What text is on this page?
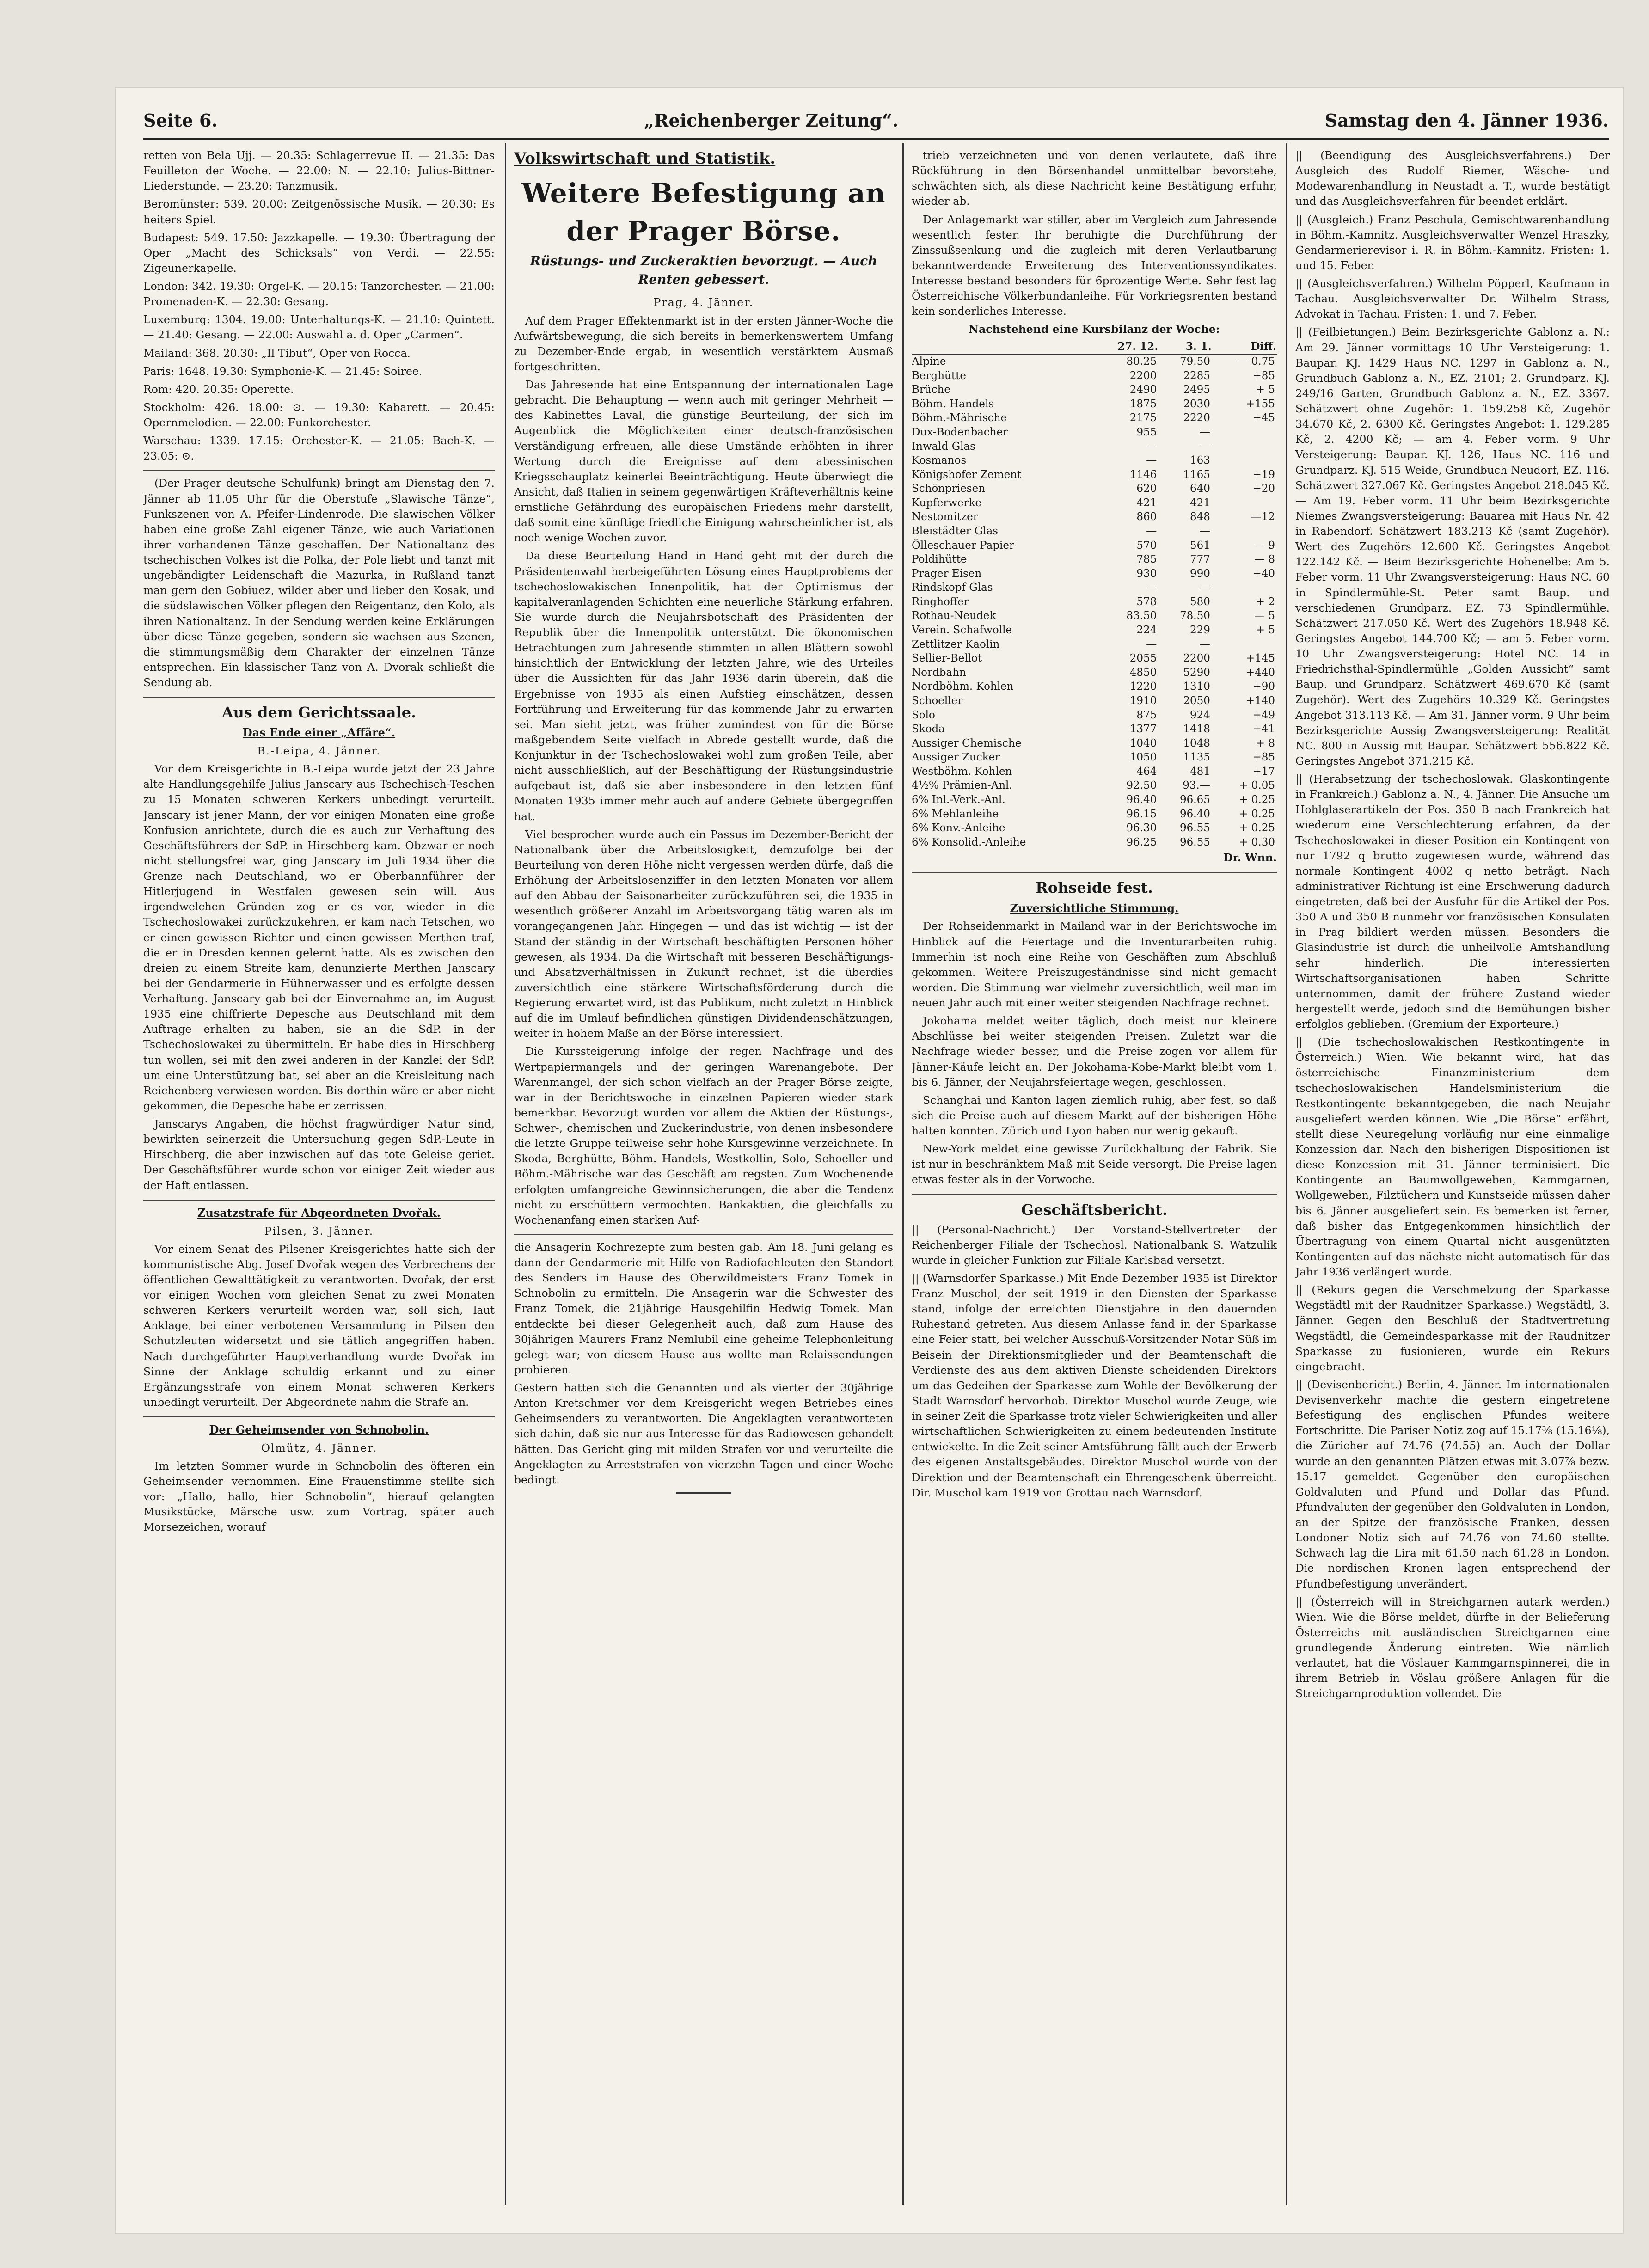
Seite 6.	„Reichenberger Zeitung“.	Samstag den 4. Jänner 1936.

retten von Bela Ujj. — 20.35: Schlagerrevue II. — 21.35: Das Feuilleton der Woche. — 22.00: N. — 22.10: Julius-Bittner-Liederstunde. — 23.20: Tanzmusik.

Beromünster: 539. 20.00: Zeitgenössische Musik. — 20.30: Es heiters Spiel.

Budapest: 549. 17.50: Jazzkapelle. — 19.30: Übertragung der Oper „Macht des Schicksals“ von Verdi. — 22.55: Zigeunerkapelle.

London: 342. 19.30: Orgel-K. — 20.15: Tanzorchester. — 21.00: Promenaden-K. — 22.30: Gesang.

Luxemburg: 1304. 19.00: Unterhaltungs-K. — 21.10: Quintett. — 21.40: Gesang. — 22.00: Auswahl a. d. Oper „Carmen“.

Mailand: 368. 20.30: „Il Tibut“, Oper von Rocca.

Paris: 1648. 19.30: Symphonie-K. — 21.45: Soiree.

Rom: 420. 20.35: Operette.

Stockholm: 426. 18.00: ⊙. — 19.30: Kabarett. — 20.45: Opernmelodien. — 22.00: Funkorchester.

Warschau: 1339. 17.15: Orchester-K. — 21.05: Bach-K. — 23.05: ⊙.

(Der Prager deutsche Schulfunk) bringt am Dienstag den 7. Jänner ab 11.05 Uhr für die Oberstufe „Slawische Tänze“, Funkszenen von A. Pfeifer-Lindenrode. Die slawischen Völker haben eine große Zahl eigener Tänze, wie auch Variationen ihrer vorhandenen Tänze geschaffen. Der Nationaltanz des tschechischen Volkes ist die Polka, der Pole liebt und tanzt mit ungebändigter Leidenschaft die Mazurka, in Rußland tanzt man gern den Gobiuez, wilder aber und lieber den Kosak, und die südslawischen Völker pflegen den Reigentanz, den Kolo, als ihren Nationaltanz. In der Sendung werden keine Erklärungen über diese Tänze gegeben, sondern sie wachsen aus Szenen, die stimmungsmäßig dem Charakter der einzelnen Tänze entsprechen. Ein klassischer Tanz von A. Dvorak schließt die Sendung ab.

Aus dem Gerichtssaale.
Das Ende einer „Affäre“.
B.-Leipa, 4. Jänner.

Vor dem Kreisgerichte in B.-Leipa wurde jetzt der 23 Jahre alte Handlungsgehilfe Julius Janscary aus Tschechisch-Teschen zu 15 Monaten schweren Kerkers unbedingt verurteilt. Janscary ist jener Mann, der vor einigen Monaten eine große Konfusion anrichtete, durch die es auch zur Verhaftung des Geschäftsführers der SdP. in Hirschberg kam. Obzwar er noch nicht stellungsfrei war, ging Janscary im Juli 1934 über die Grenze nach Deutschland, wo er Oberbannführer der Hitlerjugend in Westfalen gewesen sein will. Aus irgendwelchen Gründen zog er es vor, wieder in die Tschechoslowakei zurückzukehren, er kam nach Tetschen, wo er einen gewissen Richter und einen gewissen Merthen traf, die er in Dresden kennen gelernt hatte. Als es zwischen den dreien zu einem Streite kam, denunzierte Merthen Janscary bei der Gendarmerie in Hühnerwasser und es erfolgte dessen Verhaftung. Janscary gab bei der Einvernahme an, im August 1935 eine chiffrierte Depesche aus Deutschland mit dem Auftrage erhalten zu haben, sie an die SdP. in der Tschechoslowakei zu übermitteln. Er habe dies in Hirschberg tun wollen, sei mit den zwei anderen in der Kanzlei der SdP. um eine Unterstützung bat, sei aber an die Kreisleitung nach Reichenberg verwiesen worden. Bis dorthin wäre er aber nicht gekommen, die Depesche habe er zerrissen.

Janscarys Angaben, die höchst fragwürdiger Natur sind, bewirkten seinerzeit die Untersuchung gegen SdP.-Leute in Hirschberg, die aber inzwischen auf das tote Geleise geriet. Der Geschäftsführer wurde schon vor einiger Zeit wieder aus der Haft entlassen.

Zusatzstrafe für Abgeordneten Dvořak.
Pilsen, 3. Jänner.

Vor einem Senat des Pilsener Kreisgerichtes hatte sich der kommunistische Abg. Josef Dvořak wegen des Verbrechens der öffentlichen Gewalttätigkeit zu verantworten. Dvořak, der erst vor einigen Wochen vom gleichen Senat zu zwei Monaten schweren Kerkers verurteilt worden war, soll sich, laut Anklage, bei einer verbotenen Versammlung in Pilsen den Schutzleuten widersetzt und sie tätlich angegriffen haben. Nach durchgeführter Hauptverhandlung wurde Dvořak im Sinne der Anklage schuldig erkannt und zu einer Ergänzungsstrafe von einem Monat schweren Kerkers unbedingt verurteilt. Der Abgeordnete nahm die Strafe an.

Der Geheimsender von Schnobolin.
Olmütz, 4. Jänner.

Im letzten Sommer wurde in Schnobolin des öfteren ein Geheimsender vernommen. Eine Frauenstimme stellte sich vor: „Hallo, hallo, hier Schnobolin“, hierauf gelangten Musikstücke, Märsche usw. zum Vortrag, später auch Morsezeichen, worauf

Volkswirtschaft und Statistik.
Weitere Befestigung an der Prager Börse.
Rüstungs- und Zuckeraktien bevorzugt. — Auch Renten gebessert.
Prag, 4. Jänner.

Auf dem Prager Effektenmarkt ist in der ersten Jänner-Woche die Aufwärtsbewegung, die sich bereits in bemerkenswertem Umfang zu Dezember-Ende ergab, in wesentlich verstärktem Ausmaß fortgeschritten.

Das Jahresende hat eine Entspannung der internationalen Lage gebracht. Die Behauptung — wenn auch mit geringer Mehrheit — des Kabinettes Laval, die günstige Beurteilung, der sich im Augenblick die Möglichkeiten einer deutsch-französischen Verständigung erfreuen, alle diese Umstände erhöhten in ihrer Wertung durch die Ereignisse auf dem abessinischen Kriegsschauplatz keinerlei Beeinträchtigung. Heute überwiegt die Ansicht, daß Italien in seinem gegenwärtigen Kräfteverhältnis keine ernstliche Gefährdung des europäischen Friedens mehr darstellt, daß somit eine künftige friedliche Einigung wahrscheinlicher ist, als noch wenige Wochen zuvor.

Da diese Beurteilung Hand in Hand geht mit der durch die Präsidentenwahl herbeigeführten Lösung eines Hauptproblems der tschechoslowakischen Innenpolitik, hat der Optimismus der kapitalveranlagenden Schichten eine neuerliche Stärkung erfahren. Sie wurde durch die Neujahrsbotschaft des Präsidenten der Republik über die Innenpolitik unterstützt. Die ökonomischen Betrachtungen zum Jahresende stimmten in allen Blättern sowohl hinsichtlich der Entwicklung der letzten Jahre, wie des Urteiles über die Aussichten für das Jahr 1936 darin überein, daß die Ergebnisse von 1935 als einen Aufstieg einschätzen, dessen Fortführung und Erweiterung für das kommende Jahr zu erwarten sei. Man sieht jetzt, was früher zumindest von für die Börse maßgebendem Seite vielfach in Abrede gestellt wurde, daß die Konjunktur in der Tschechoslowakei wohl zum großen Teile, aber nicht ausschließlich, auf der Beschäftigung der Rüstungsindustrie aufgebaut ist, daß sie aber insbesondere in den letzten fünf Monaten 1935 immer mehr auch auf andere Gebiete übergegriffen hat.

Viel besprochen wurde auch ein Passus im Dezember-Bericht der Nationalbank über die Arbeitslosigkeit, demzufolge bei der Beurteilung von deren Höhe nicht vergessen werden dürfe, daß die Erhöhung der Arbeitslosenziffer in den letzten Monaten vor allem auf den Abbau der Saisonarbeiter zurückzuführen sei, die 1935 in wesentlich größerer Anzahl im Arbeitsvorgang tätig waren als im vorangegangenen Jahr. Hingegen — und das ist wichtig — ist der Stand der ständig in der Wirtschaft beschäftigten Personen höher gewesen, als 1934. Da die Wirtschaft mit besseren Beschäftigungs- und Absatzverhältnissen in Zukunft rechnet, ist die überdies zuversichtlich eine stärkere Wirtschaftsförderung durch die Regierung erwartet wird, ist das Publikum, nicht zuletzt in Hinblick auf die im Umlauf befindlichen günstigen Dividendenschätzungen, weiter in hohem Maße an der Börse interessiert.

Die Kurssteigerung infolge der regen Nachfrage und des Wertpapiermangels und der geringen Warenangebote. Der Warenmangel, der sich schon vielfach an der Prager Börse zeigte, war in der Berichtswoche in einzelnen Papieren wieder stark bemerkbar. Bevorzugt wurden vor allem die Aktien der Rüstungs-, Schwer-, chemischen und Zuckerindustrie, von denen insbesondere die letzte Gruppe teilweise sehr hohe Kursgewinne verzeichnete. In Skoda, Berghütte, Böhm. Handels, Westkollin, Solo, Schoeller und Böhm.-Mährische war das Geschäft am regsten. Zum Wochenende erfolgten umfangreiche Gewinnsicherungen, die aber die Tendenz nicht zu erschüttern vermochten. Bankaktien, die gleichfalls zu Wochenanfang einen starken Auf-

die Ansagerin Kochrezepte zum besten gab. Am 18. Juni gelang es dann der Gendarmerie mit Hilfe von Radiofachleuten den Standort des Senders im Hause des Oberwildmeisters Franz Tomek in Schnobolin zu ermitteln. Die Ansagerin war die Schwester des Franz Tomek, die 21jährige Hausgehilfin Hedwig Tomek. Man entdeckte bei dieser Gelegenheit auch, daß zum Hause des 30jährigen Maurers Franz Nemlubil eine geheime Telephonleitung gelegt war; von diesem Hause aus wollte man Relaissendungen probieren.

Gestern hatten sich die Genannten und als vierter der 30jährige Anton Kretschmer vor dem Kreisgericht wegen Betriebes eines Geheimsenders zu verantworten. Die Angeklagten verantworteten sich dahin, daß sie nur aus Interesse für das Radiowesen gehandelt hätten. Das Gericht ging mit milden Strafen vor und verurteilte die Angeklagten zu Arreststrafen von vierzehn Tagen und einer Woche bedingt.

trieb verzeichneten und von denen verlautete, daß ihre Rückführung in den Börsenhandel unmittelbar bevorstehe, schwächten sich, als diese Nachricht keine Bestätigung erfuhr, wieder ab.

Der Anlagemarkt war stiller, aber im Vergleich zum Jahresende wesentlich fester. Ihr beruhigte die Durchführung der Zinssußsenkung und die zugleich mit deren Verlautbarung bekanntwerdende Erweiterung des Interventionssyndikates. Interesse bestand besonders für 6prozentige Werte. Sehr fest lag Österreichische Völkerbundanleihe. Für Vorkriegsrenten bestand kein sonderliches Interesse.

Nachstehend eine Kursbilanz der Woche:
	27. 12.	3. 1.	Diff.
Alpine	80.25	79.50	— 0.75
Berghütte	2200	2285	+85
Brüche	2490	2495	+ 5
Böhm. Handels	1875	2030	+155
Böhm.-Mährische	2175	2220	+45
Dux-Bodenbacher	955	—	
Inwald Glas	—	—	
Kosmanos	—	163	
Königshofer Zement	1146	1165	+19
Schönpriesen	620	640	+20
Kupferwerke	421	421	
Nestomitzer	860	848	—12
Bleistädter Glas	—	—	
Ölleschauer Papier	570	561	— 9
Poldihütte	785	777	— 8
Prager Eisen	930	990	+40
Rindskopf Glas	—	—	
Ringhoffer	578	580	+ 2
Rothau-Neudek	83.50	78.50	— 5
Verein. Schafwolle	224	229	+ 5
Zettlitzer Kaolin	—	—	
Sellier-Bellot	2055	2200	+145
Nordbahn	4850	5290	+440
Nordböhm. Kohlen	1220	1310	+90
Schoeller	1910	2050	+140
Solo	875	924	+49
Skoda	1377	1418	+41
Aussiger Chemische	1040	1048	+ 8
Aussiger Zucker	1050	1135	+85
Westböhm. Kohlen	464	481	+17
4½% Prämien-Anl.	92.50	93.—	+ 0.05
6% Inl.-Verk.-Anl.	96.40	96.65	+ 0.25
6% Mehlanleihe	96.15	96.40	+ 0.25
6% Konv.-Anleihe	96.30	96.55	+ 0.25
6% Konsolid.-Anleihe	96.25	96.55	+ 0.30
Dr. Wnn.
Rohseide fest.
Zuversichtliche Stimmung.

Der Rohseidenmarkt in Mailand war in der Berichtswoche im Hinblick auf die Feiertage und die Inventurarbeiten ruhig. Immerhin ist noch eine Reihe von Geschäften zum Abschluß gekommen. Weitere Preiszugeständnisse sind nicht gemacht worden. Die Stimmung war vielmehr zuversichtlich, weil man im neuen Jahr auch mit einer weiter steigenden Nachfrage rechnet.

Jokohama meldet weiter täglich, doch meist nur kleinere Abschlüsse bei weiter steigenden Preisen. Zuletzt war die Nachfrage wieder besser, und die Preise zogen vor allem für Jänner-Käufe leicht an. Der Jokohama-Kobe-Markt bleibt vom 1. bis 6. Jänner, der Neujahrsfeiertage wegen, geschlossen.

Schanghai und Kanton lagen ziemlich ruhig, aber fest, so daß sich die Preise auch auf diesem Markt auf der bisherigen Höhe halten konnten. Zürich und Lyon haben nur wenig gekauft.

New-York meldet eine gewisse Zurückhaltung der Fabrik. Sie ist nur in beschränktem Maß mit Seide versorgt. Die Preise lagen etwas fester als in der Vorwoche.

Geschäftsbericht.

|| (Personal-Nachricht.) Der Vorstand-Stellvertreter der Reichenberger Filiale der Tschechosl. Nationalbank S. Watzulik wurde in gleicher Funktion zur Filiale Karlsbad versetzt.

|| (Warnsdorfer Sparkasse.) Mit Ende Dezember 1935 ist Direktor Franz Muschol, der seit 1919 in den Diensten der Sparkasse stand, infolge der erreichten Dienstjahre in den dauernden Ruhestand getreten. Aus diesem Anlasse fand in der Sparkasse eine Feier statt, bei welcher Ausschuß-Vorsitzender Notar Süß im Beisein der Direktionsmitglieder und der Beamtenschaft die Verdienste des aus dem aktiven Dienste scheidenden Direktors um das Gedeihen der Sparkasse zum Wohle der Bevölkerung der Stadt Warnsdorf hervorhob. Direktor Muschol wurde Zeuge, wie in seiner Zeit die Sparkasse trotz vieler Schwierigkeiten und aller wirtschaftlichen Schwierigkeiten zu einem bedeutenden Institute entwickelte. In die Zeit seiner Amtsführung fällt auch der Erwerb des eigenen Anstaltsgebäudes. Direktor Muschol wurde von der Direktion und der Beamtenschaft ein Ehrengeschenk überreicht. Dir. Muschol kam 1919 von Grottau nach Warnsdorf.

|| (Beendigung des Ausgleichsverfahrens.) Der Ausgleich des Rudolf Riemer, Wäsche- und Modewarenhandlung in Neustadt a. T., wurde bestätigt und das Ausgleichsverfahren für beendet erklärt.

|| (Ausgleich.) Franz Peschula, Gemischtwarenhandlung in Böhm.-Kamnitz. Ausgleichsverwalter Wenzel Hraszky, Gendarmerierevisor i. R. in Böhm.-Kamnitz. Fristen: 1. und 15. Feber.

|| (Ausgleichsverfahren.) Wilhelm Pöpperl, Kaufmann in Tachau. Ausgleichsverwalter Dr. Wilhelm Strass, Advokat in Tachau. Fristen: 1. und 7. Feber.

|| (Feilbietungen.) Beim Bezirksgerichte Gablonz a. N.: Am 29. Jänner vormittags 10 Uhr Versteigerung: 1. Baupar. KJ. 1429 Haus NC. 1297 in Gablonz a. N., Grundbuch Gablonz a. N., EZ. 2101; 2. Grundparz. KJ. 249/16 Garten, Grundbuch Gablonz a. N., EZ. 3367. Schätzwert ohne Zugehör: 1. 159.258 Kč, Zugehör 34.670 Kč, 2. 6300 Kč. Geringstes Angebot: 1. 129.285 Kč, 2. 4200 Kč; — am 4. Feber vorm. 9 Uhr Versteigerung: Baupar. KJ. 126, Haus NC. 116 und Grundparz. KJ. 515 Weide, Grundbuch Neudorf, EZ. 116. Schätzwert 327.067 Kč. Geringstes Angebot 218.045 Kč. — Am 19. Feber vorm. 11 Uhr beim Bezirksgerichte Niemes Zwangsversteigerung: Bauarea mit Haus Nr. 42 in Rabendorf. Schätzwert 183.213 Kč (samt Zugehör). Wert des Zugehörs 12.600 Kč. Geringstes Angebot 122.142 Kč. — Beim Bezirksgerichte Hohenelbe: Am 5. Feber vorm. 11 Uhr Zwangsversteigerung: Haus NC. 60 in Spindlermühle-St. Peter samt Baup. und verschiedenen Grundparz. EZ. 73 Spindlermühle. Schätzwert 217.050 Kč. Wert des Zugehörs 18.948 Kč. Geringstes Angebot 144.700 Kč; — am 5. Feber vorm. 10 Uhr Zwangsversteigerung: Hotel NC. 14 in Friedrichsthal-Spindlermühle „Golden Aussicht“ samt Baup. und Grundparz. Schätzwert 469.670 Kč (samt Zugehör). Wert des Zugehörs 10.329 Kč. Geringstes Angebot 313.113 Kč. — Am 31. Jänner vorm. 9 Uhr beim Bezirksgerichte Aussig Zwangsversteigerung: Realität NC. 800 in Aussig mit Baupar. Schätzwert 556.822 Kč. Geringstes Angebot 371.215 Kč.

|| (Herabsetzung der tschechoslowak. Glaskontingente in Frankreich.) Gablonz a. N., 4. Jänner. Die Ansuche um Hohlglaserartikeln der Pos. 350 B nach Frankreich hat wiederum eine Verschlechterung erfahren, da der Tschechoslowakei in dieser Position ein Kontingent von nur 1792 q brutto zugewiesen wurde, während das normale Kontingent 4002 q netto beträgt. Nach administrativer Richtung ist eine Erschwerung dadurch eingetreten, daß bei der Ausfuhr für die Artikel der Pos. 350 A und 350 B nunmehr vor französischen Konsulaten in Prag bildiert werden müssen. Besonders die Glasindustrie ist durch die unheilvolle Amtshandlung sehr hinderlich. Die interessierten Wirtschaftsorganisationen haben Schritte unternommen, damit der frühere Zustand wieder hergestellt werde, jedoch sind die Bemühungen bisher erfolglos geblieben. (Gremium der Exporteure.)

|| (Die tschechoslowakischen Restkontingente in Österreich.) Wien. Wie bekannt wird, hat das österreichische Finanzministerium dem tschechoslowakischen Handelsministerium die Restkontingente bekanntgegeben, die nach Neujahr ausgeliefert werden können. Wie „Die Börse“ erfährt, stellt diese Neuregelung vorläufig nur eine einmalige Konzession dar. Nach den bisherigen Dispositionen ist diese Konzession mit 31. Jänner terminisiert. Die Kontingente an Baumwollgeweben, Kammgarnen, Wollgeweben, Filztüchern und Kunstseide müssen daher bis 6. Jänner ausgeliefert sein. Es bemerken ist ferner, daß bisher das Entgegenkommen hinsichtlich der Übertragung von einem Quartal nicht ausgenützten Kontingenten auf das nächste nicht automatisch für das Jahr 1936 verlängert wurde.

|| (Rekurs gegen die Verschmelzung der Sparkasse Wegstädtl mit der Raudnitzer Sparkasse.) Wegstädtl, 3. Jänner. Gegen den Beschluß der Stadtvertretung Wegstädtl, die Gemeindesparkasse mit der Raudnitzer Sparkasse zu fusionieren, wurde ein Rekurs eingebracht.

|| (Devisenbericht.) Berlin, 4. Jänner. Im internationalen Devisenverkehr machte die gestern eingetretene Befestigung des englischen Pfundes weitere Fortschritte. Die Pariser Notiz zog auf 15.17⅜ (15.16⅛), die Züricher auf 74.76 (74.55) an. Auch der Dollar wurde an den genannten Plätzen etwas mit 3.07⅞ bezw. 15.17 gemeldet. Gegenüber den europäischen Goldvaluten und Pfund und Dollar das Pfund. Pfundvaluten der gegenüber den Goldvaluten in London, an der Spitze der französische Franken, dessen Londoner Notiz sich auf 74.76 von 74.60 stellte. Schwach lag die Lira mit 61.50 nach 61.28 in London. Die nordischen Kronen lagen entsprechend der Pfundbefestigung unverändert.

|| (Österreich will in Streichgarnen autark werden.) Wien. Wie die Börse meldet, dürfte in der Belieferung Österreichs mit ausländischen Streichgarnen eine grundlegende Änderung eintreten. Wie nämlich verlautet, hat die Vöslauer Kammgarnspinnerei, die in ihrem Betrieb in Vöslau größere Anlagen für die Streichgarnproduktion vollendet. Die
